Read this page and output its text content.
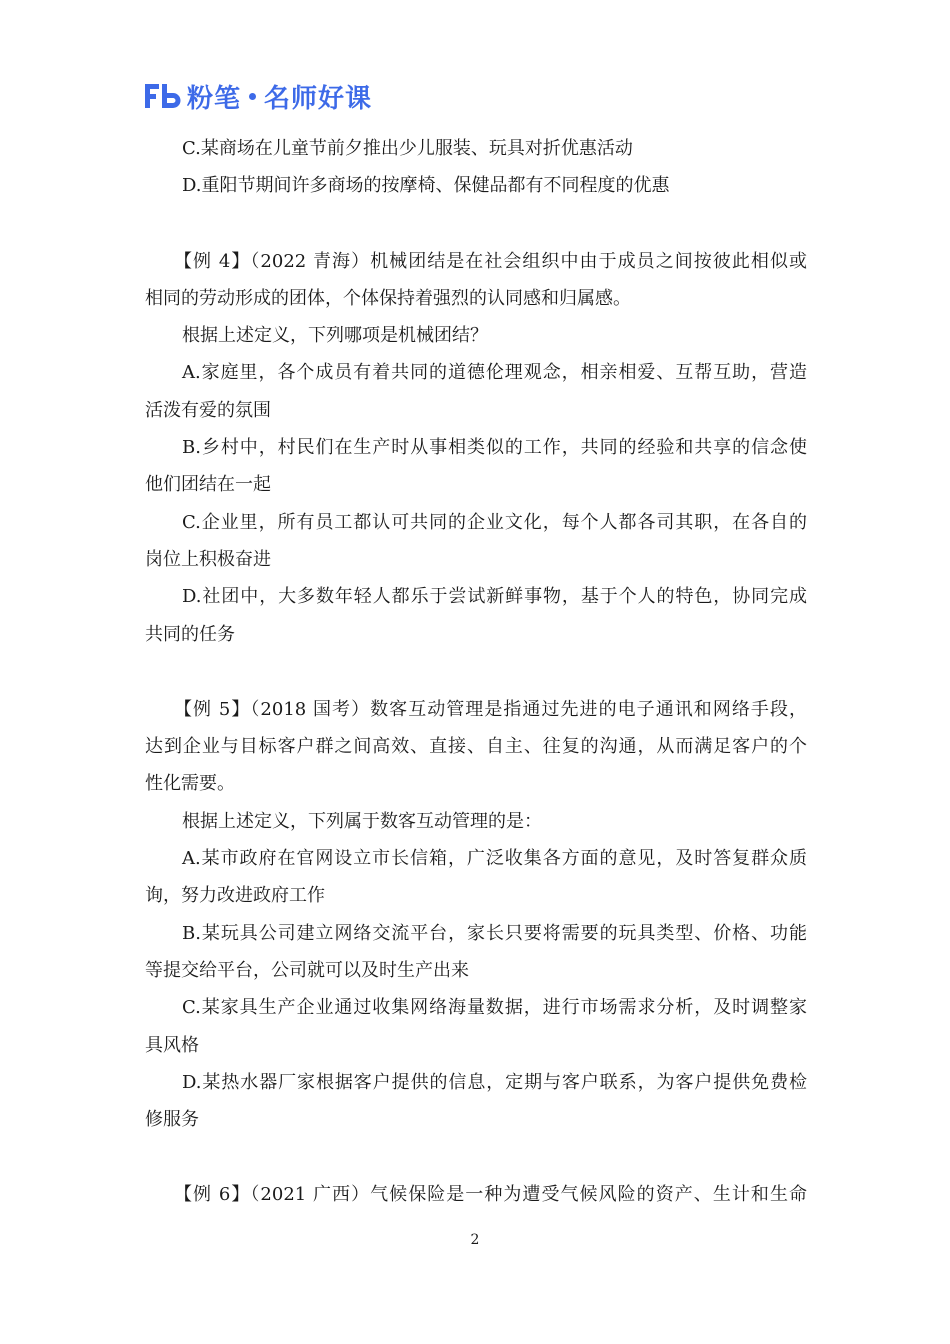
粉笔 名师好课
C.某商场在儿童节前夕推出少儿服装、玩具对折优惠活动
D.重阳节期间许多商场的按摩椅、保健品都有不同程度的优惠
【例 4】（2022 青海）机械团结是在社会组织中由于成员之间按彼此相似或
相同的劳动形成的团体，个体保持着强烈的认同感和归属感。
根据上述定义，下列哪项是机械团结？
A.家庭里，各个成员有着共同的道德伦理观念，相亲相爱、互帮互助，营造
活泼有爱的氛围
B.乡村中，村民们在生产时从事相类似的工作，共同的经验和共享的信念使
他们团结在一起
C.企业里，所有员工都认可共同的企业文化，每个人都各司其职，在各自的
岗位上积极奋进
D.社团中，大多数年轻人都乐于尝试新鲜事物，基于个人的特色，协同完成
共同的任务
【例 5】（2018 国考）数客互动管理是指通过先进的电子通讯和网络手段，
达到企业与目标客户群之间高效、直接、自主、往复的沟通，从而满足客户的个
性化需要。
根据上述定义，下列属于数客互动管理的是：
A.某市政府在官网设立市长信箱，广泛收集各方面的意见，及时答复群众质
询，努力改进政府工作
B.某玩具公司建立网络交流平台，家长只要将需要的玩具类型、价格、功能
等提交给平台，公司就可以及时生产出来
C.某家具生产企业通过收集网络海量数据，进行市场需求分析，及时调整家
具风格
D.某热水器厂家根据客户提供的信息，定期与客户联系，为客户提供免费检
修服务
【例 6】（2021 广西）气候保险是一种为遭受气候风险的资产、生计和生命
2
